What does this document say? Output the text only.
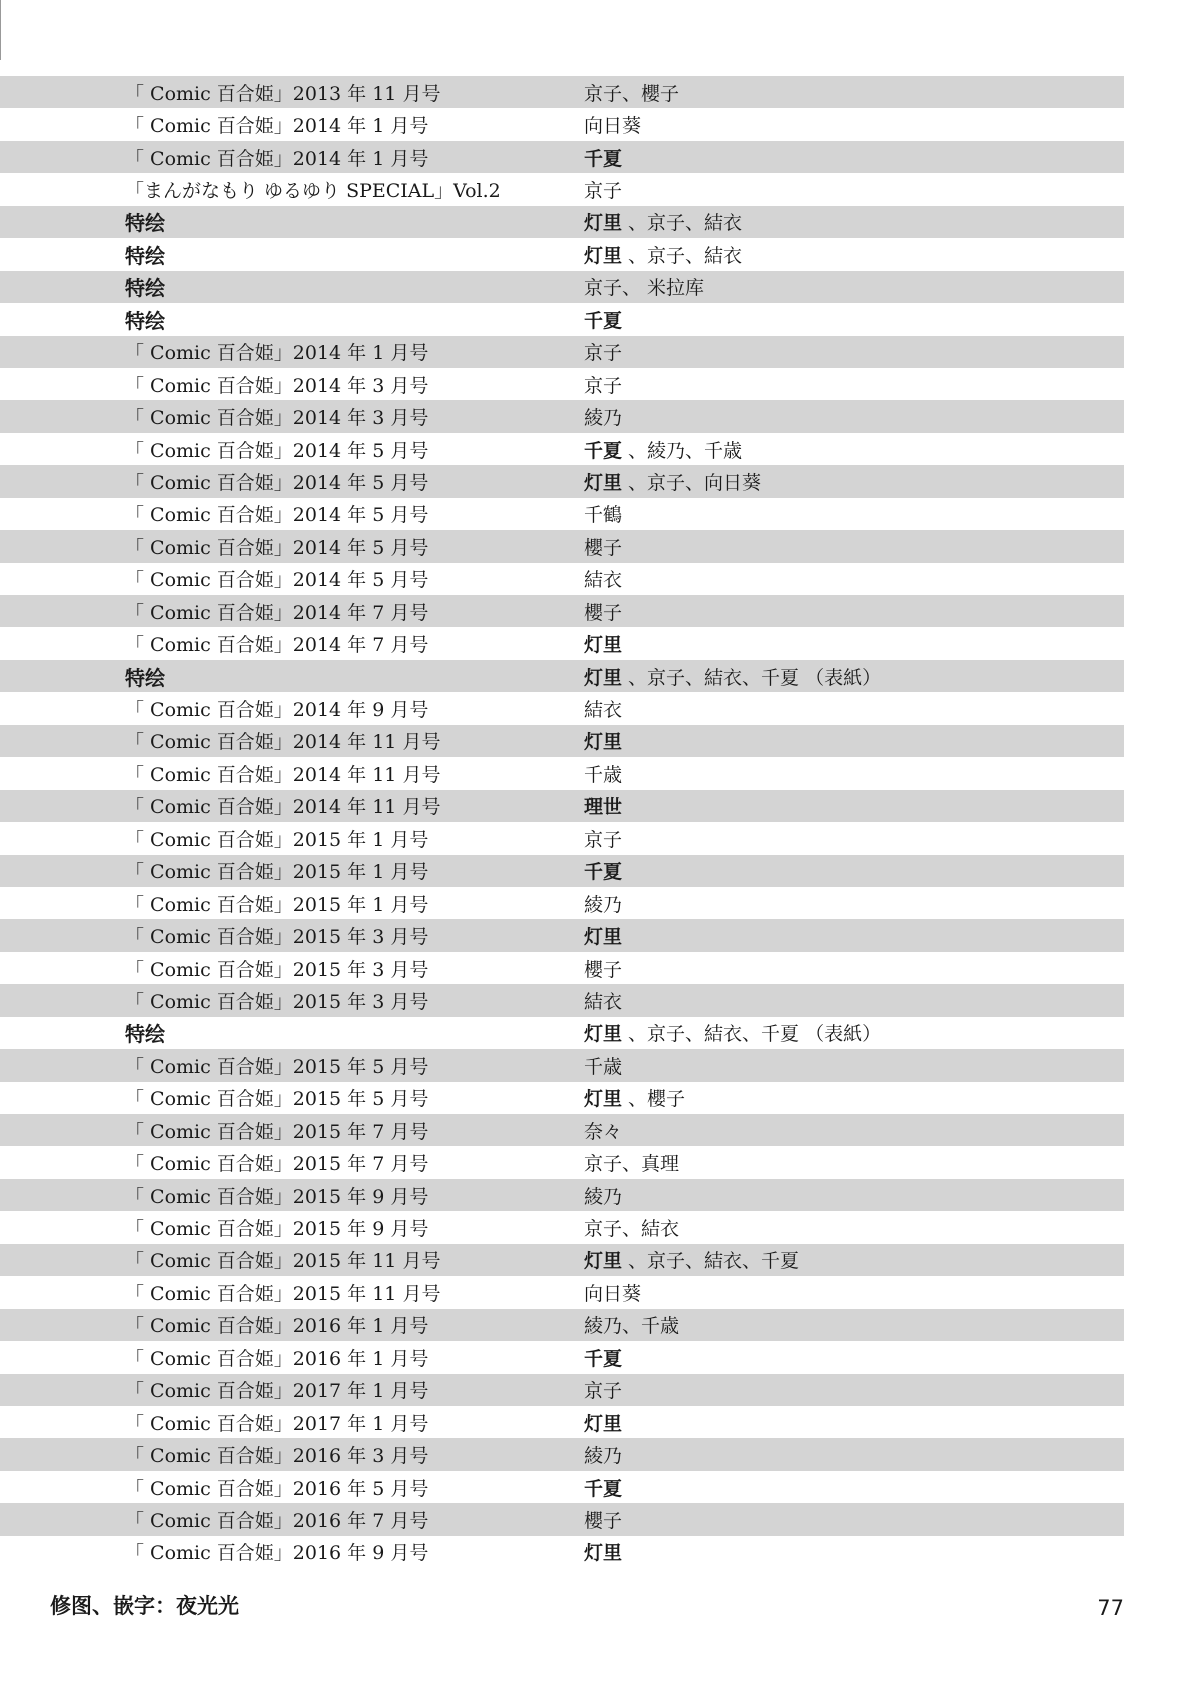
「 Comic 百合姫」2013 年 11 月号	京子、櫻子
「 Comic 百合姫」2014 年 1 月号	向日葵
「 Comic 百合姫」2014 年 1 月号	千夏
「まんがなもり ゆるゆり SPECIAL」Vol.2	京子
特绘	灯里 、京子、結衣
特绘	灯里 、京子、結衣
特绘	京子、 米拉库
特绘	千夏
「 Comic 百合姫」2014 年 1 月号	京子
「 Comic 百合姫」2014 年 3 月号	京子
「 Comic 百合姫」2014 年 3 月号	綾乃
「 Comic 百合姫」2014 年 5 月号	千夏 、綾乃、千歳
「 Comic 百合姫」2014 年 5 月号	灯里 、京子、向日葵
「 Comic 百合姫」2014 年 5 月号	千鶴
「 Comic 百合姫」2014 年 5 月号	櫻子
「 Comic 百合姫」2014 年 5 月号	結衣
「 Comic 百合姫」2014 年 7 月号	櫻子
「 Comic 百合姫」2014 年 7 月号	灯里
特绘	灯里 、京子、結衣、千夏 （表紙）
「 Comic 百合姫」2014 年 9 月号	結衣
「 Comic 百合姫」2014 年 11 月号	灯里
「 Comic 百合姫」2014 年 11 月号	千歳
「 Comic 百合姫」2014 年 11 月号	理世
「 Comic 百合姫」2015 年 1 月号	京子
「 Comic 百合姫」2015 年 1 月号	千夏
「 Comic 百合姫」2015 年 1 月号	綾乃
「 Comic 百合姫」2015 年 3 月号	灯里
「 Comic 百合姫」2015 年 3 月号	櫻子
「 Comic 百合姫」2015 年 3 月号	結衣
特绘	灯里 、京子、結衣、千夏 （表紙）
「 Comic 百合姫」2015 年 5 月号	千歳
「 Comic 百合姫」2015 年 5 月号	灯里 、櫻子
「 Comic 百合姫」2015 年 7 月号	奈々
「 Comic 百合姫」2015 年 7 月号	京子、真理
「 Comic 百合姫」2015 年 9 月号	綾乃
「 Comic 百合姫」2015 年 9 月号	京子、結衣
「 Comic 百合姫」2015 年 11 月号	灯里 、京子、結衣、千夏
「 Comic 百合姫」2015 年 11 月号	向日葵
「 Comic 百合姫」2016 年 1 月号	綾乃、千歳
「 Comic 百合姫」2016 年 1 月号	千夏
「 Comic 百合姫」2017 年 1 月号	京子
「 Comic 百合姫」2017 年 1 月号	灯里
「 Comic 百合姫」2016 年 3 月号	綾乃
「 Comic 百合姫」2016 年 5 月号	千夏
「 Comic 百合姫」2016 年 7 月号	櫻子
「 Comic 百合姫」2016 年 9 月号	灯里
修图、嵌字：夜光光	77
